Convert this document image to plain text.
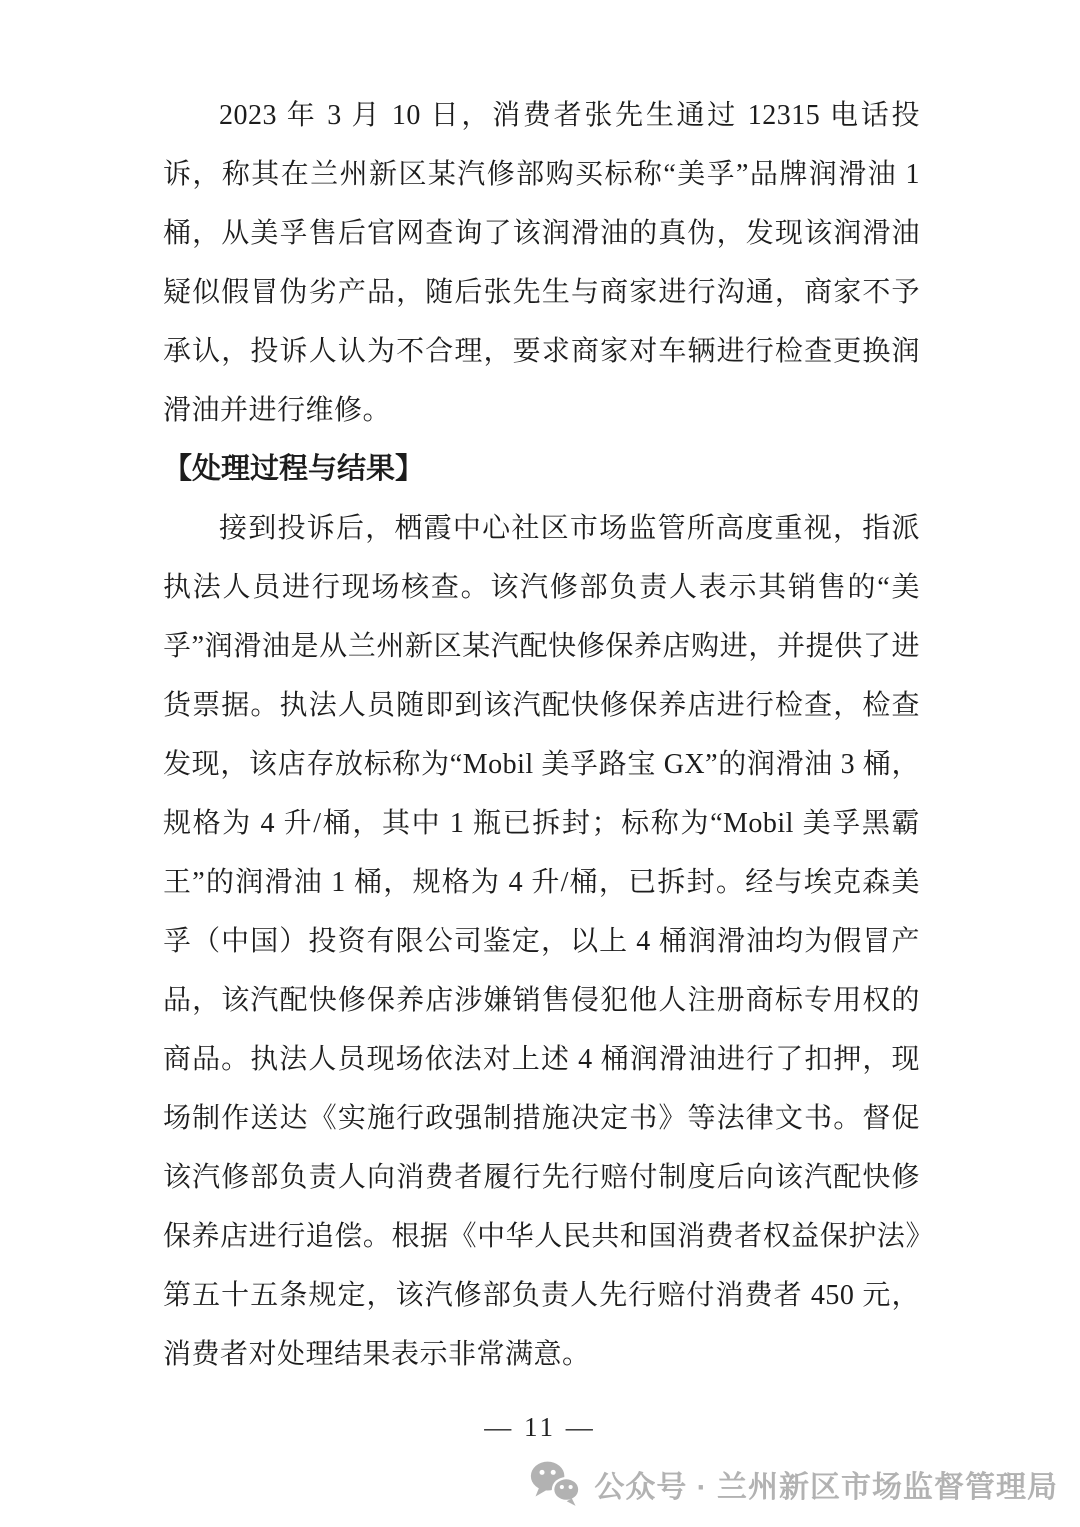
2023 年 3 月 10 日，消费者张先生通过 12315 电话投诉，称其在兰州新区某汽修部购买标称“美孚”品牌润滑油 1 桶，从美孚售后官网查询了该润滑油的真伪，发现该润滑油疑似假冒伪劣产品，随后张先生与商家进行沟通，商家不予承认，投诉人认为不合理，要求商家对车辆进行检查更换润滑油并进行维修。
【处理过程与结果】
接到投诉后，栖霞中心社区市场监管所高度重视，指派执法人员进行现场核查。该汽修部负责人表示其销售的“美孚”润滑油是从兰州新区某汽配快修保养店购进，并提供了进货票据。执法人员随即到该汽配快修保养店进行检查，检查发现，该店存放标称为“Mobil 美孚路宝 GX”的润滑油 3 桶，规格为 4 升/桶，其中 1 瓶已拆封；标称为“Mobil 美孚黑霸王”的润滑油 1 桶，规格为 4 升/桶，已拆封。经与埃克森美孚（中国）投资有限公司鉴定，以上 4 桶润滑油均为假冒产品，该汽配快修保养店涉嫌销售侵犯他人注册商标专用权的商品。执法人员现场依法对上述 4 桶润滑油进行了扣押，现场制作送达《实施行政强制措施决定书》等法律文书。督促该汽修部负责人向消费者履行先行赔付制度后向该汽配快修保养店进行追偿。根据《中华人民共和国消费者权益保护法》第五十五条规定，该汽修部负责人先行赔付消费者 450 元，消费者对处理结果表示非常满意。
— 11 —
公众号 · 兰州新区市场监督管理局
